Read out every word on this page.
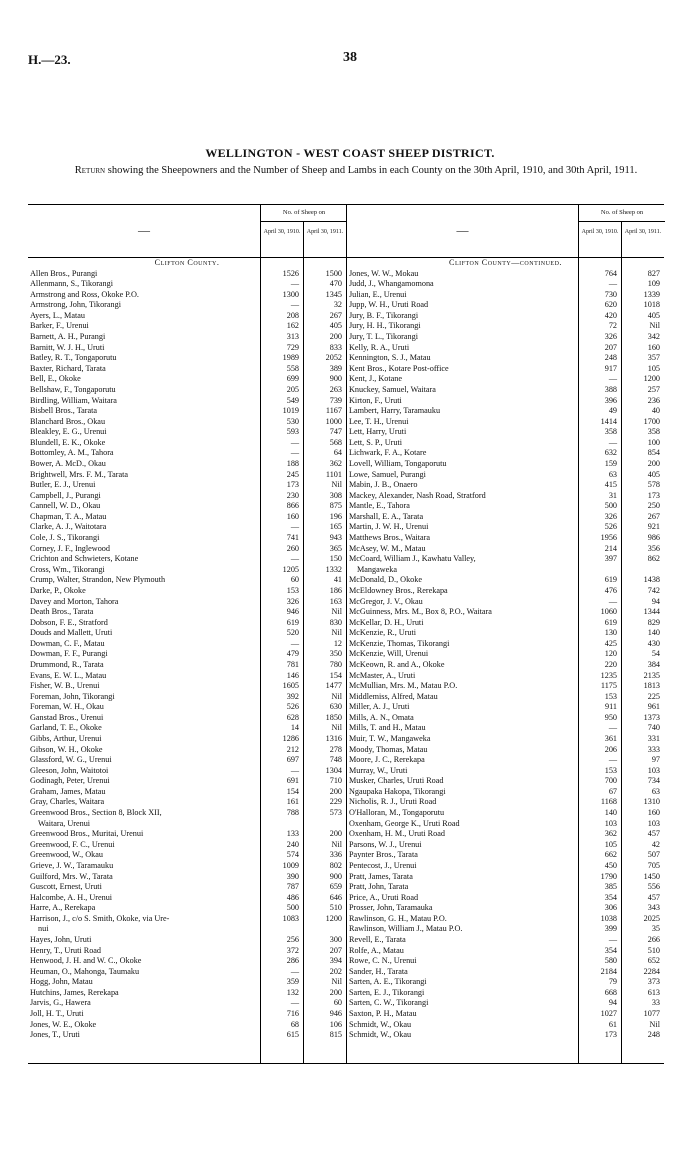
H.—23.	38
WELLINGTON - WEST COAST SHEEP DISTRICT.
Return showing the Sheepowners and the Number of Sheep and Lambs in each County on the 30th April, 1910, and 30th April, 1911.
—
No. of Sheep on
April 30, 1910.	April 30, 1911.
Clifton County.
Allen Bros., Purangi	1526	1500
Allenmann, S., Tikorangi	—	470
Armstrong and Ross, Okoke P.O.	1300	1345
Armstrong, John, Tikorangi	—	32
Ayers, L., Matau	208	267
Barker, F., Urenui	162	405
Barnett, A. H., Purangi	313	200
Barnitt, W. J. H., Uruti	729	833
Batley, R. T., Tongaporutu	1989	2052
Baxter, Richard, Tarata	558	389
Bell, E., Okoke	699	900
Bellshaw, F., Tongaporutu	205	263
Birdling, William, Waitara	549	739
Bisbell Bros., Tarata	1019	1167
Blanchard Bros., Okau	530	1000
Bleakley, E. G., Urenui	593	747
Blundell, E. K., Okoke	—	568
Bottomley, A. M., Tahora	—	64
Bower, A. McD., Okau	188	362
Brightwell, Mrs. F. M., Tarata	245	1101
Butler, E. J., Urenui	173	Nil
Campbell, J., Purangi	230	308
Cannell, W. D., Okau	866	875
Chapman, T. A., Matau	160	196
Clarke, A. J., Waitotara	—	165
Cole, J. S., Tikorangi	741	943
Corney, J. F., Inglewood	260	365
Crichton and Schwieters, Kotane	—	150
Cross, Wm., Tikorangi	1205	1332
Crump, Walter, Strandon, New Plymouth	60	41
Darke, P., Okoke	153	186
Davey and Morton, Tahora	326	163
Death Bros., Tarata	946	Nil
Dobson, F. E., Stratford	619	830
Douds and Mallett, Uruti	520	Nil
Dowman, C. F., Matau	—	12
Dowman, F. F., Purangi	479	350
Drummond, R., Tarata	781	780
Evans, E. W. L., Matau	146	154
Fisher, W. B., Urenui	1605	1477
Foreman, John, Tikorangi	392	Nil
Foreman, W. H., Okau	526	630
Ganstad Bros., Urenui	628	1850
Garland, T. E., Okoke	14	Nil
Gibbs, Arthur, Urenui	1286	1316
Gibson, W. H., Okoke	212	278
Glassford, W. G., Urenui	697	748
Gleeson, John, Waitotoi	—	1304
Godinagh, Peter, Urenui	691	710
Graham, James, Matau	154	200
Gray, Charles, Waitara	161	229
Greenwood Bros., Section 8, Block XII,	788	573
Waitara, Urenui
Greenwood Bros., Muritai, Urenui	133	200
Greenwood, F. C., Urenui	240	Nil
Greenwood, W., Okau	574	336
Grieve, J. W., Taramauku	1009	802
Guilford, Mrs. W., Tarata	390	900
Guscott, Ernest, Uruti	787	659
Halcombe, A. H., Urenui	486	646
Harre, A., Rerekapa	500	510
Harrison, J., c/o S. Smith, Okoke, via Ure-	1083	1200
nui
Hayes, John, Uruti	256	300
Henry, T., Uruti Road	372	207
Henwood, J. H. and W. C., Okoke	286	394
Heuman, O., Mahonga, Taumaku	—	202
Hogg, John, Matau	359	Nil
Hutchins, James, Rerekapa	132	200
Jarvis, G., Hawera	—	60
Joll, H. T., Uruti	716	946
Jones, W. E., Okoke	68	106
Jones, T., Uruti	615	815
—
No. of Sheep on
April 30, 1910.	April 30, 1911.
Clifton County—continued.
Jones, W. W., Mokau	764	827
Judd, J., Whangamomona	—	109
Julian, E., Urenui	730	1339
Jupp, W. H., Uruti Road	620	1018
Jury, B. F., Tikorangi	420	405
Jury, H. H., Tikorangi	72	Nil
Jury, T. L., Tikorangi	326	342
Kelly, R. A., Uruti	207	160
Kennington, S. J., Matau	248	357
Kent Bros., Kotare Post-office	917	105
Kent, J., Kotane	—	1200
Knuckey, Samuel, Waitara	388	257
Kirton, F., Uruti	396	236
Lambert, Harry, Taramauku	49	40
Lee, T. H., Urenui	1414	1700
Lett, Harry, Uruti	358	358
Lett, S. P., Uruti	—	100
Lichwark, F. A., Kotare	632	854
Lovell, William, Tongaporutu	159	200
Lowe, Samuel, Purangi	63	405
Mabin, J. B., Onaero	415	578
Mackey, Alexander, Nash Road, Stratford	31	173
Mantle, E., Tahora	500	250
Marshall, E. A., Tarata	326	267
Martin, J. W. H., Urenui	526	921
Matthews Bros., Waitara	1956	986
McAsey, W. M., Matau	214	356
McCoard, William J., Kawhatu Valley,	397	862
Mangaweka
McDonald, D., Okoke	619	1438
McEldowney Bros., Rerekapa	476	742
McGregor, J. V., Okau	—	94
McGuinness, Mrs. M., Box 8, P.O., Waitara	1060	1344
McKellar, D. H., Uruti	619	829
McKenzie, R., Uruti	130	140
McKenzie, Thomas, Tikorangi	425	430
McKenzie, Will, Urenui	120	54
McKeown, R. and A., Okoke	220	384
McMaster, A., Uruti	1235	2135
McMullian, Mrs. M., Matau P.O.	1175	1813
Middlemiss, Alfred, Matau	153	225
Miller, A. J., Uruti	911	961
Mills, A. N., Omata	950	1373
Mills, T. and H., Matau	—	740
Muir, T. W., Mangaweka	361	331
Moody, Thomas, Matau	206	333
Moore, J. C., Rerekapa	—	97
Murray, W., Uruti	153	103
Musker, Charles, Uruti Road	700	734
Ngaupaka Hakopa, Tikorangi	67	63
Nicholis, R. J., Uruti Road	1168	1310
O'Halloran, M., Tongaporutu	140	160
Oxenham, George K., Uruti Road	103	103
Oxenham, H. M., Uruti Road	362	457
Parsons, W. J., Urenui	105	42
Paynter Bros., Tarata	662	507
Pentecost, J., Urenui	450	705
Pratt, James, Tarata	1790	1450
Pratt, John, Tarata	385	556
Price, A., Uruti Road	354	457
Prosser, John, Taramauka	306	343
Rawlinson, G. H., Matau P.O.	1038	2025
Rawlinson, William J., Matau P.O.	399	35
Revell, E., Tarata	—	266
Rolfe, A., Matau	354	510
Rowe, C. N., Urenui	580	652
Sander, H., Tarata	2184	2284
Sarten, A. E., Tikorangi	79	373
Sarten, E. J., Tikorangi	668	613
Sarten, C. W., Tikorangi	94	33
Saxton, P. H., Matau	1027	1077
Schmidt, W., Okau	61	Nil
Schmidt, W., Okau	173	248
